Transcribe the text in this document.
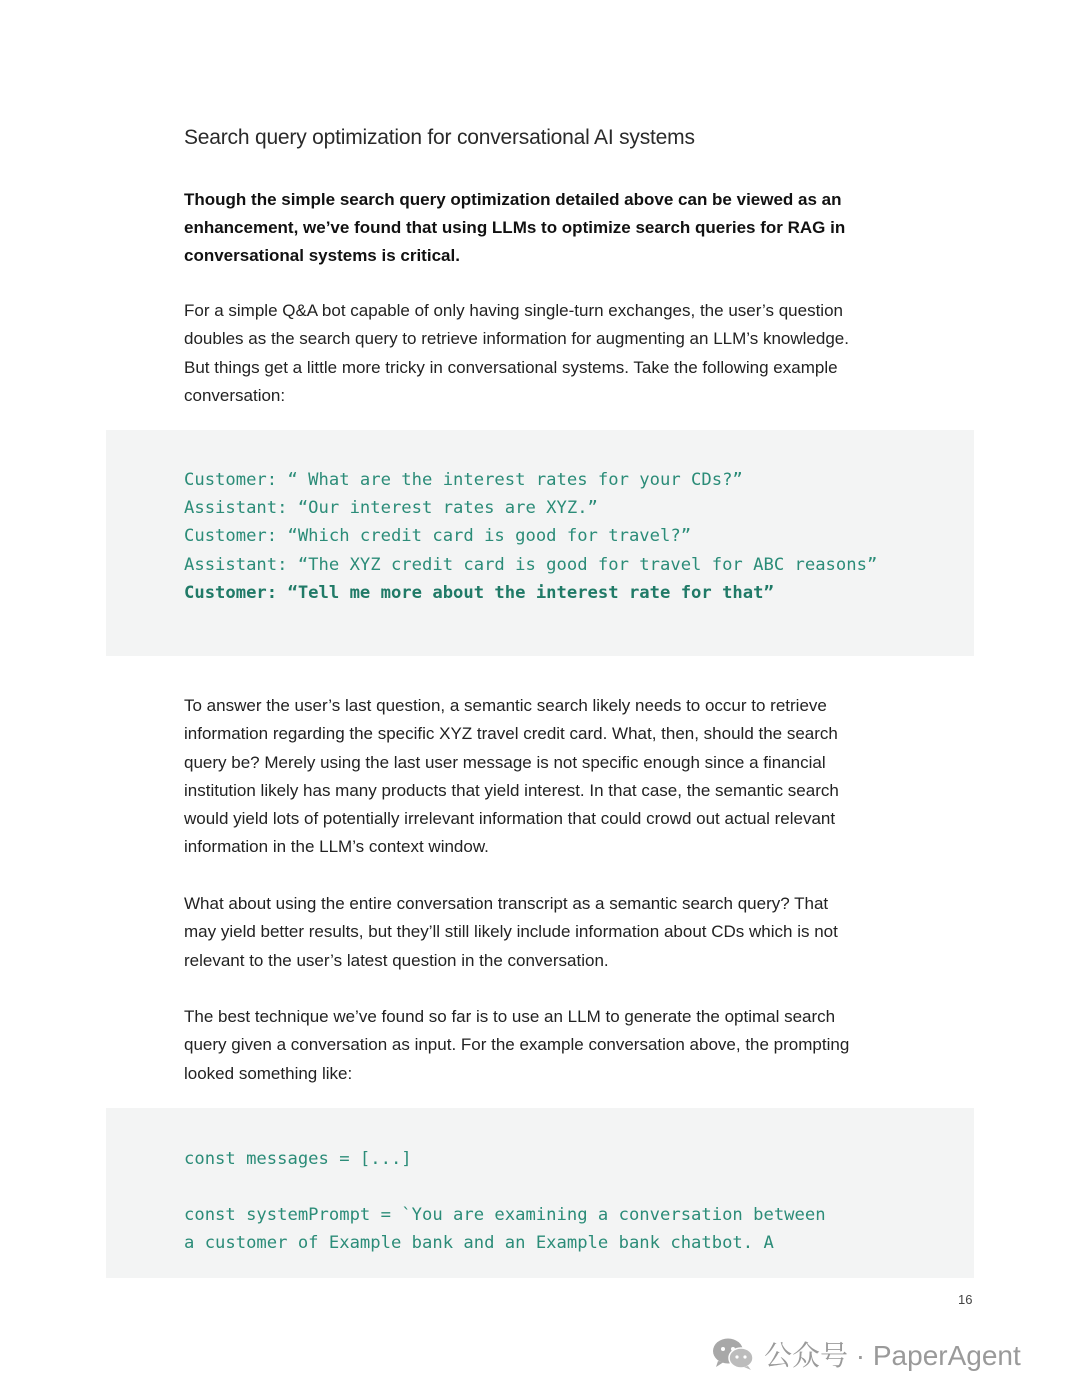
Search query optimization for conversational AI systems

Though the simple search query optimization detailed above can be viewed as an
enhancement, we’ve found that using LLMs to optimize search queries for RAG in
conversational systems is critical.

For a simple Q&A bot capable of only having single-turn exchanges, the user’s question
doubles as the search query to retrieve information for augmenting an LLM’s knowledge.
But things get a little more tricky in conversational systems. Take the following example
conversation:

Customer: “ What are the interest rates for your CDs?”
Assistant: “Our interest rates are XYZ.”
Customer: “Which credit card is good for travel?”
Assistant: “The XYZ credit card is good for travel for ABC reasons”
Customer: “Tell me more about the interest rate for that”

To answer the user’s last question, a semantic search likely needs to occur to retrieve
information regarding the specific XYZ travel credit card. What, then, should the search
query be? Merely using the last user message is not specific enough since a financial
institution likely has many products that yield interest. In that case, the semantic search
would yield lots of potentially irrelevant information that could crowd out actual relevant
information in the LLM’s context window.

What about using the entire conversation transcript as a semantic search query? That
may yield better results, but they’ll still likely include information about CDs which is not
relevant to the user’s latest question in the conversation.

The best technique we’ve found so far is to use an LLM to generate the optimal search
query given a conversation as input. For the example conversation above, the prompting
looked something like:

const messages = [...]
const systemPrompt = `You are examining a conversation between
a customer of Example bank and an Example bank chatbot. A
16
公众号 · PaperAgent
